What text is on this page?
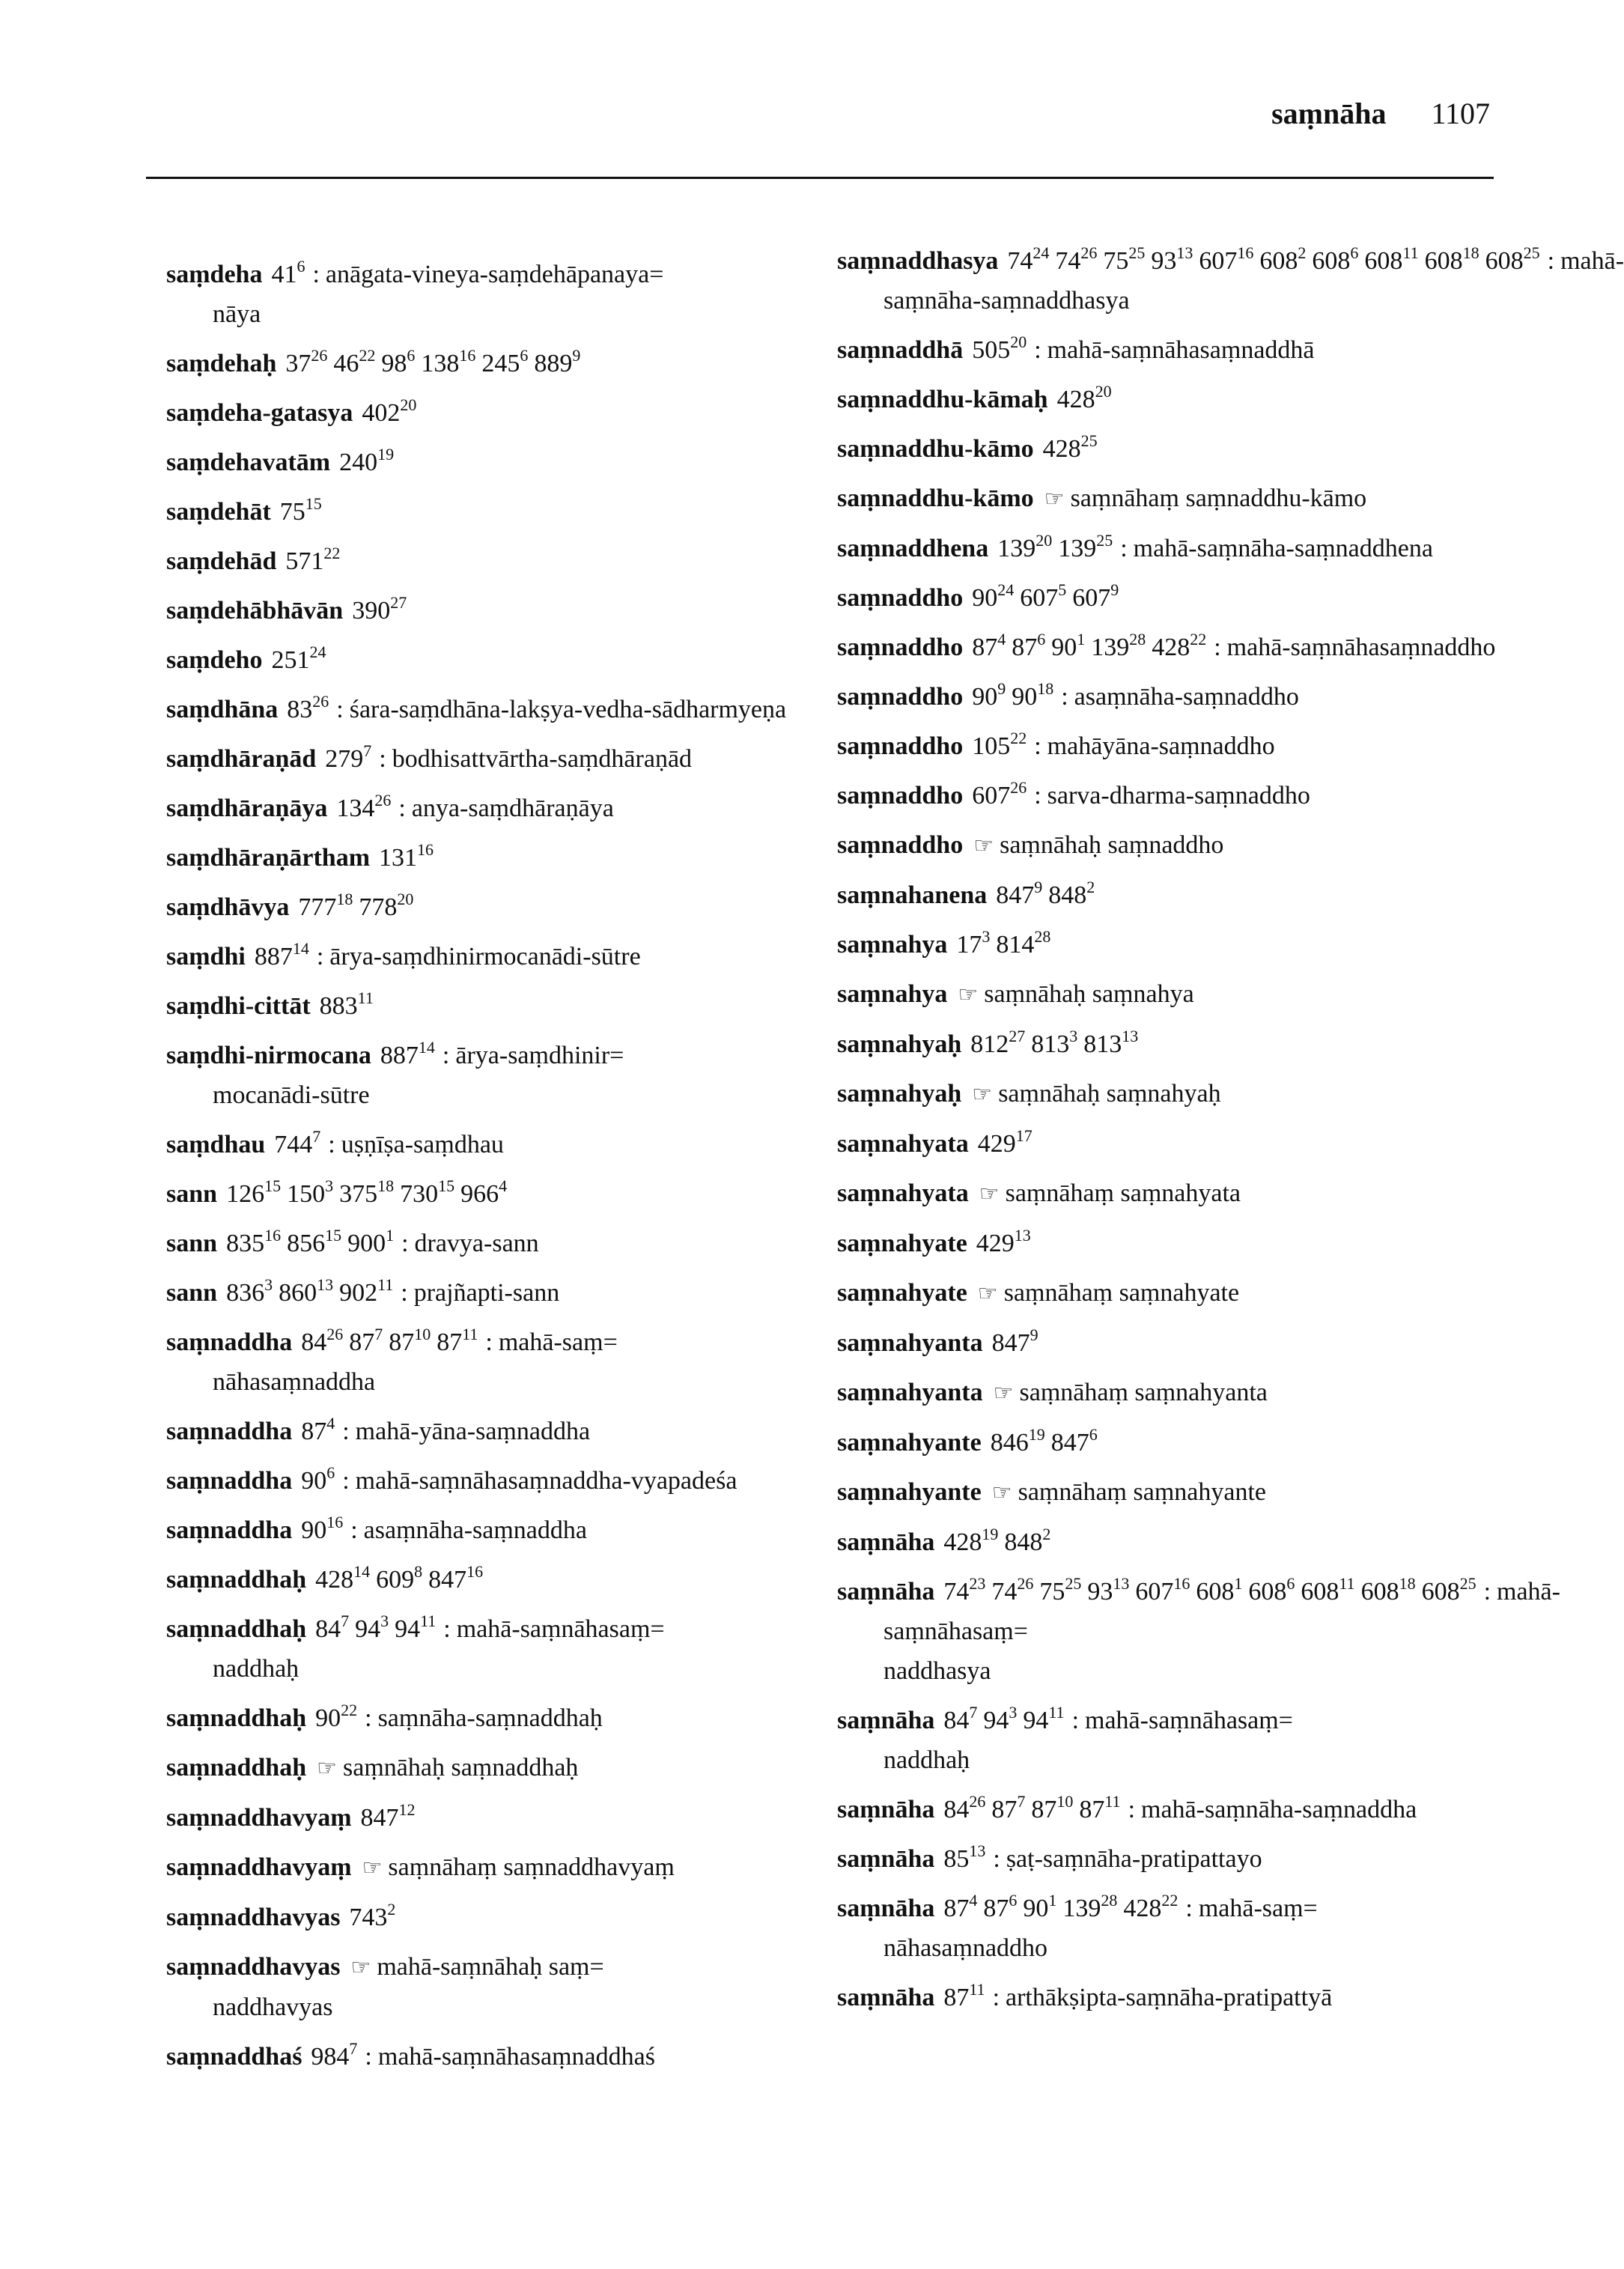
saṃnāha 1107
saṃdeha $41^6$ : anāgata-vineya-saṃdehāpanaya=
nāya
saṃdehaḥ $37^{26}$ $46^{22}$ $98^6$ $138^{16}$ $245^6$ $889^9$
saṃdeha-gatasya $402^{20}$
saṃdehavatām $240^{19}$
saṃdehāt $75^{15}$
saṃdehād $571^{22}$
saṃdehābhāvān $390^{27}$
saṃdeho $251^{24}$
saṃdhāna $83^{26}$ : śara-saṃdhāna-lakṣya-vedha-sādharmyeṇa
saṃdhāraṇād $279^7$ : bodhisattvārtha-saṃdhāraṇād
saṃdhāraṇāya $134^{26}$ : anya-saṃdhāraṇāya
saṃdhāraṇārtham $131^{16}$
saṃdhāvya $777^{18}$ $778^{20}$
saṃdhi $887^{14}$ : ārya-saṃdhinirmocanādi-sūtre
saṃdhi-cittāt $883^{11}$
saṃdhi-nirmocana $887^{14}$ : ārya-saṃdhinir=
mocanādi-sūtre
saṃdhau $744^7$ : uṣṇīṣa-saṃdhau
sann $126^{15}$ $150^3$ $375^{18}$ $730^{15}$ $966^4$
sann $835^{16}$ $856^{15}$ $900^1$ : dravya-sann
sann $836^3$ $860^{13}$ $902^{11}$ : prajñapti-sann
saṃnaddha $84^{26}$ $87^7$ $87^{10}$ $87^{11}$ : mahā-saṃ=
nāhasaṃnaddha
saṃnaddha $87^4$ : mahā-yāna-saṃnaddha
saṃnaddha $90^6$ : mahā-saṃnāhasaṃnaddha-vyapadeśa
saṃnaddha $90^{16}$ : asaṃnāha-saṃnaddha
saṃnaddhaḥ $428^{14}$ $609^8$ $847^{16}$
saṃnaddhaḥ $84^7$ $94^3$ $94^{11}$ : mahā-saṃnāhasaṃ=
naddhaḥ
saṃnaddhaḥ $90^{22}$ : saṃnāha-saṃnaddhaḥ
saṃnaddhaḥ ☞ saṃnāhaḥ saṃnaddhaḥ
saṃnaddhavyaṃ $847^{12}$
saṃnaddhavyaṃ ☞ saṃnāhaṃ saṃnaddhavyaṃ
saṃnaddhavyas $743^2$
saṃnaddhavyas ☞ mahā-saṃnāhaḥ saṃ=
naddhavyas
saṃnaddhaś $984^7$ : mahā-saṃnāhasaṃnaddhaś
saṃnaddhasya $74^{24}$ $74^{26}$ $75^{25}$ $93^{13}$ $607^{16}$ $608^2$ $608^6$ $608^{11}$ $608^{18}$ $608^{25}$ : mahā-saṃnāha-saṃnaddhasya
saṃnaddhā $505^{20}$ : mahā-saṃnāhasaṃnaddhā
saṃnaddhu-kāmaḥ $428^{20}$
saṃnaddhu-kāmo $428^{25}$
saṃnaddhu-kāmo ☞ saṃnāhaṃ saṃnaddhu-kāmo
saṃnaddhena $139^{20}$ $139^{25}$ : mahā-saṃnāha-saṃnaddhena
saṃnaddho $90^{24}$ $607^5$ $607^9$
saṃnaddho $87^4$ $87^6$ $90^1$ $139^{28}$ $428^{22}$ : mahā-saṃnāhasaṃnaddho
saṃnaddho $90^9$ $90^{18}$ : asaṃnāha-saṃnaddho
saṃnaddho $105^{22}$ : mahāyāna-saṃnaddho
saṃnaddho $607^{26}$ : sarva-dharma-saṃnaddho
saṃnaddho ☞ saṃnāhaḥ saṃnaddho
saṃnahanena $847^9$ $848^2$
saṃnahya $17^3$ $814^{28}$
saṃnahya ☞ saṃnāhaḥ saṃnahya
saṃnahyaḥ $812^{27}$ $813^3$ $813^{13}$
saṃnahyaḥ ☞ saṃnāhaḥ saṃnahyaḥ
saṃnahyata $429^{17}$
saṃnahyata ☞ saṃnāhaṃ saṃnahyata
saṃnahyate $429^{13}$
saṃnahyate ☞ saṃnāhaṃ saṃnahyate
saṃnahyanta $847^9$
saṃnahyanta ☞ saṃnāhaṃ saṃnahyanta
saṃnahyante $846^{19}$ $847^6$
saṃnahyante ☞ saṃnāhaṃ saṃnahyante
saṃnāha $428^{19}$ $848^2$
saṃnāha $74^{23}$ $74^{26}$ $75^{25}$ $93^{13}$ $607^{16}$ $608^1$ $608^6$ $608^{11}$ $608^{18}$ $608^{25}$ : mahā-saṃnāhasaṃ=
naddhasya
saṃnāha $84^7$ $94^3$ $94^{11}$ : mahā-saṃnāhasaṃ=
naddhaḥ
saṃnāha $84^{26}$ $87^7$ $87^{10}$ $87^{11}$ : mahā-saṃnāha-saṃnaddha
saṃnāha $85^{13}$ : ṣaṭ-saṃnāha-pratipattayo
saṃnāha $87^4$ $87^6$ $90^1$ $139^{28}$ $428^{22}$ : mahā-saṃ=
nāhasaṃnaddho
saṃnāha $87^{11}$ : arthākṣipta-saṃnāha-pratipattyā
